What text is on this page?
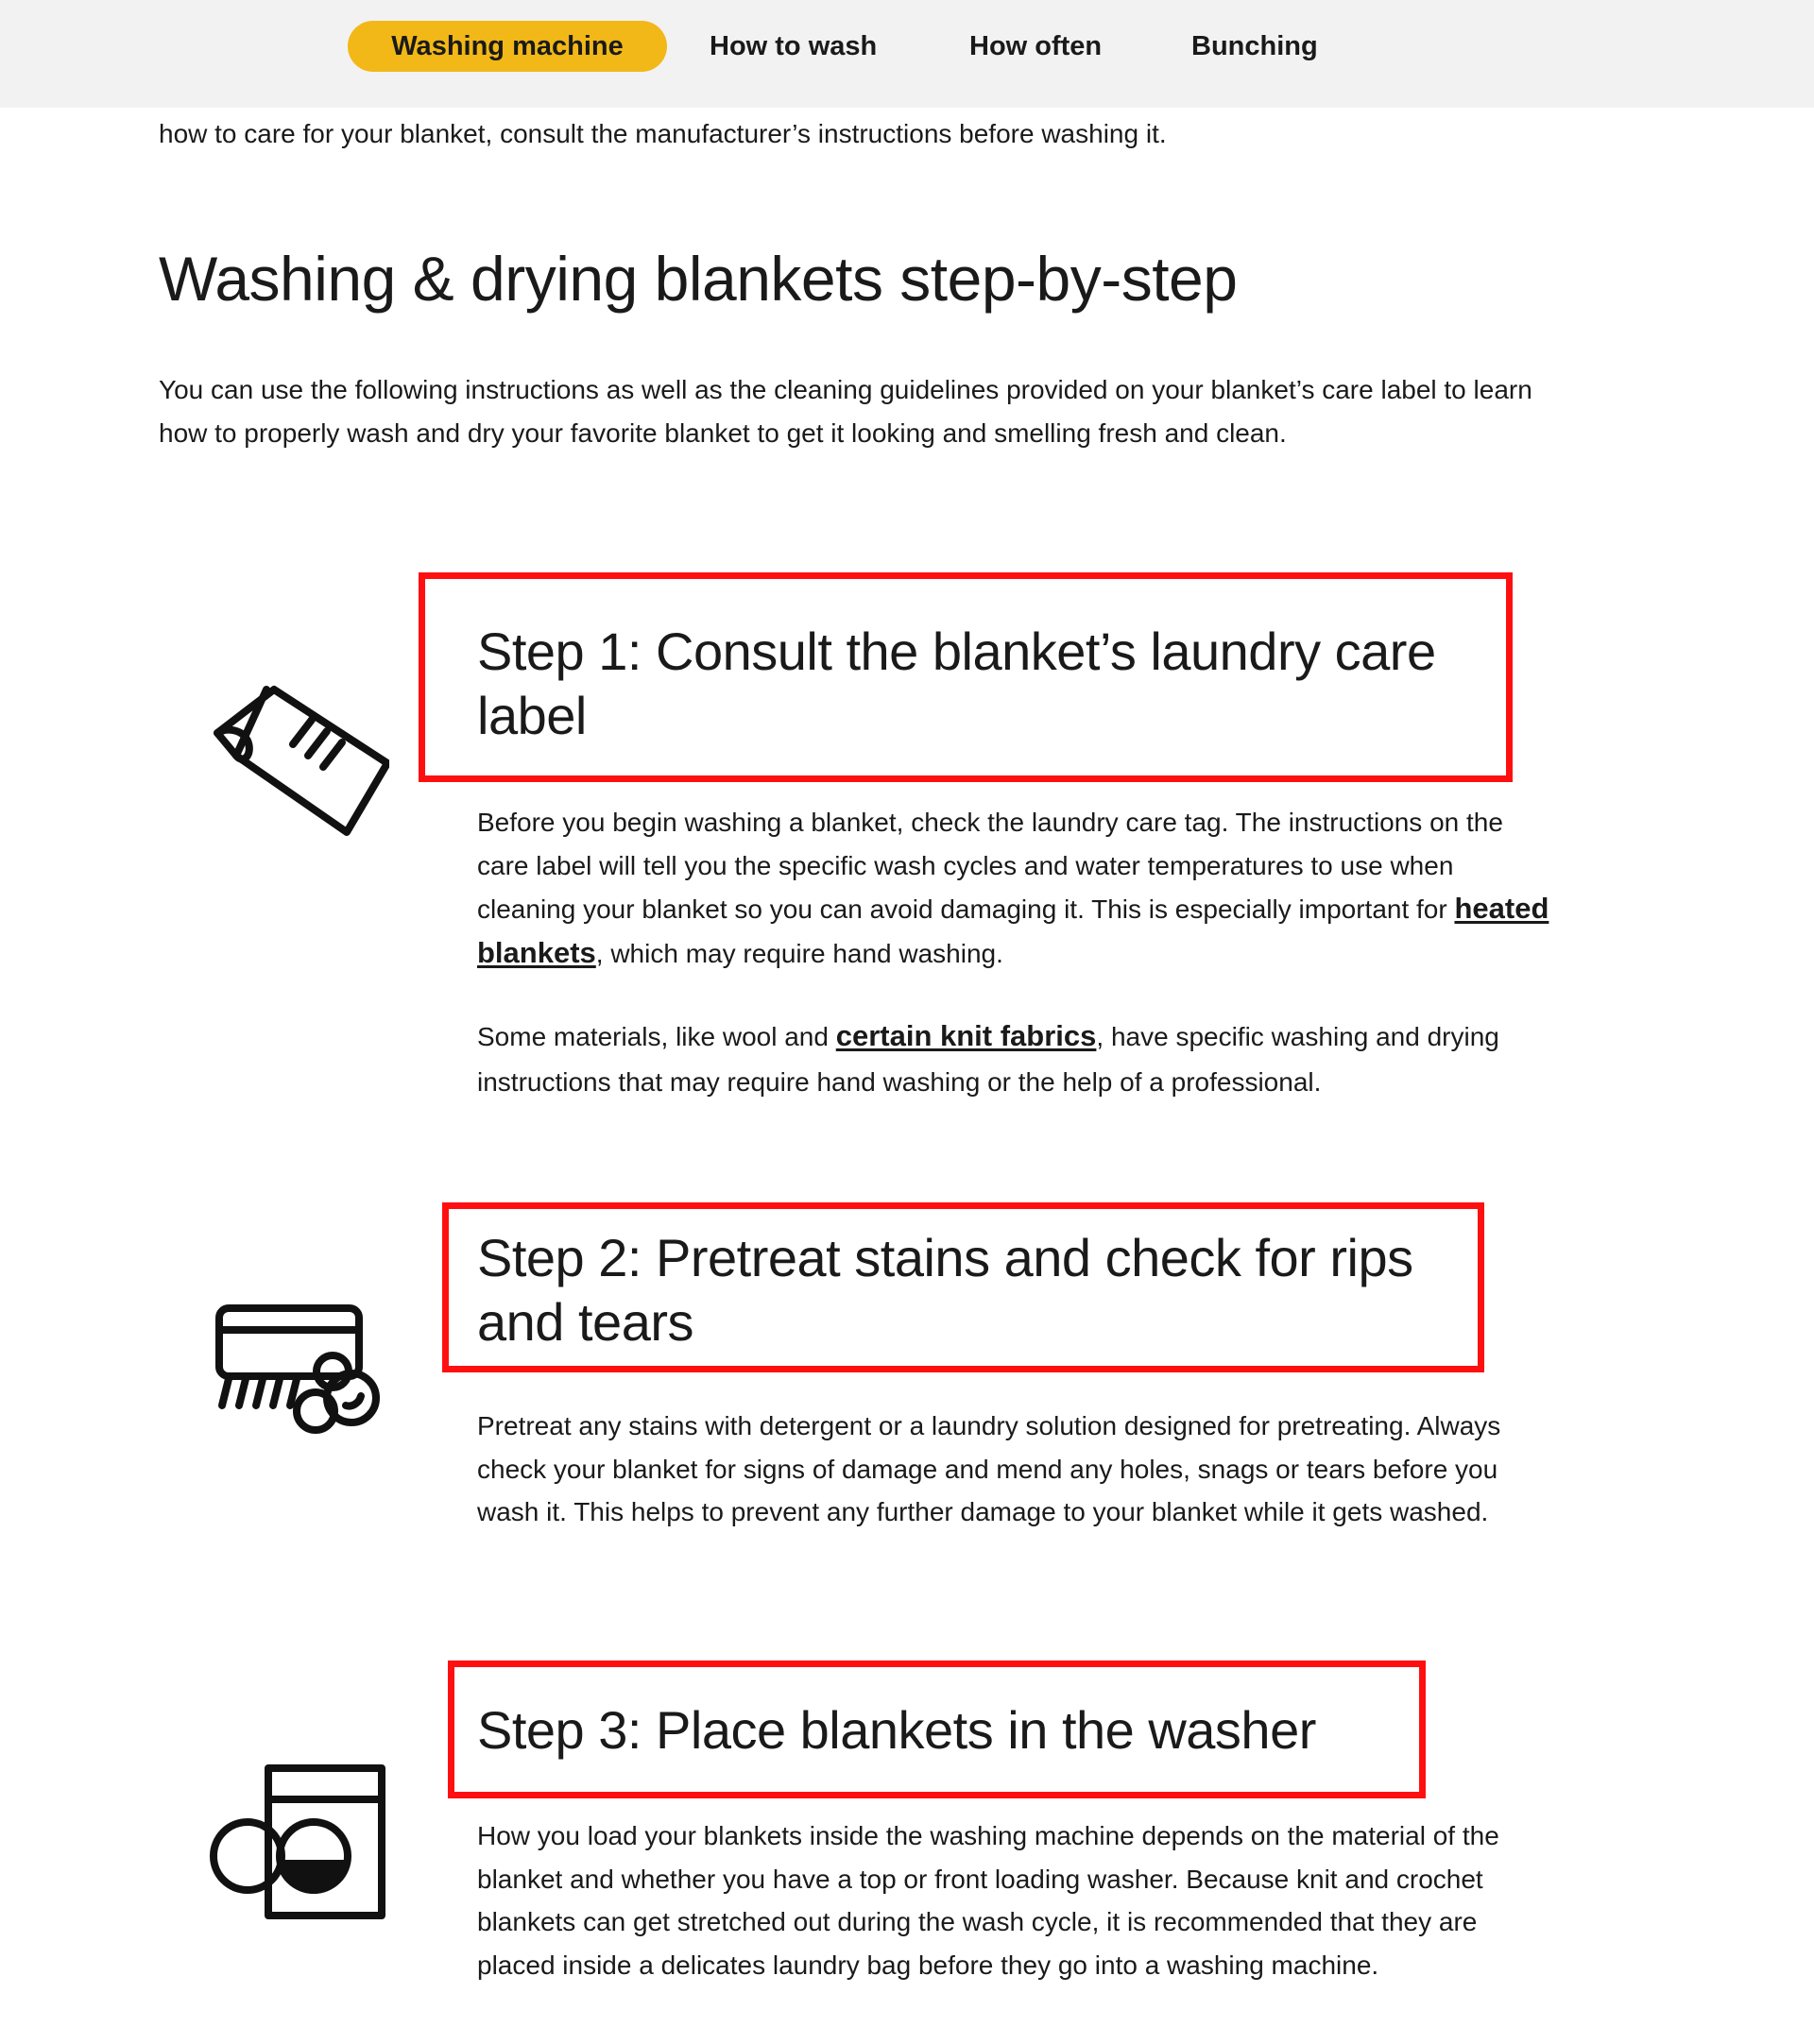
Washing machine	How to wash	How often	Bunching
how to care for your blanket, consult the manufacturer’s instructions before washing it.
Washing & drying blankets step-by-step

You can use the following instructions as well as the cleaning guidelines provided on your blanket’s care label to learn how to properly wash and dry your favorite blanket to get it looking and smelling fresh and clean.

Step 1: Consult the blanket’s laundry care label

Before you begin washing a blanket, check the laundry care tag. The instructions on the care label will tell you the specific wash cycles and water temperatures to use when cleaning your blanket so you can avoid damaging it. This is especially important for heated blankets, which may require hand washing.

Some materials, like wool and certain knit fabrics, have specific washing and drying instructions that may require hand washing or the help of a professional.

Step 2: Pretreat stains and check for rips and tears

Pretreat any stains with detergent or a laundry solution designed for pretreating. Always check your blanket for signs of damage and mend any holes, snags or tears before you wash it. This helps to prevent any further damage to your blanket while it gets washed.

Step 3: Place blankets in the washer

How you load your blankets inside the washing machine depends on the material of the blanket and whether you have a top or front loading washer. Because knit and crochet blankets can get stretched out during the wash cycle, it is recommended that they are placed inside a delicates laundry bag before they go into a washing machine.
